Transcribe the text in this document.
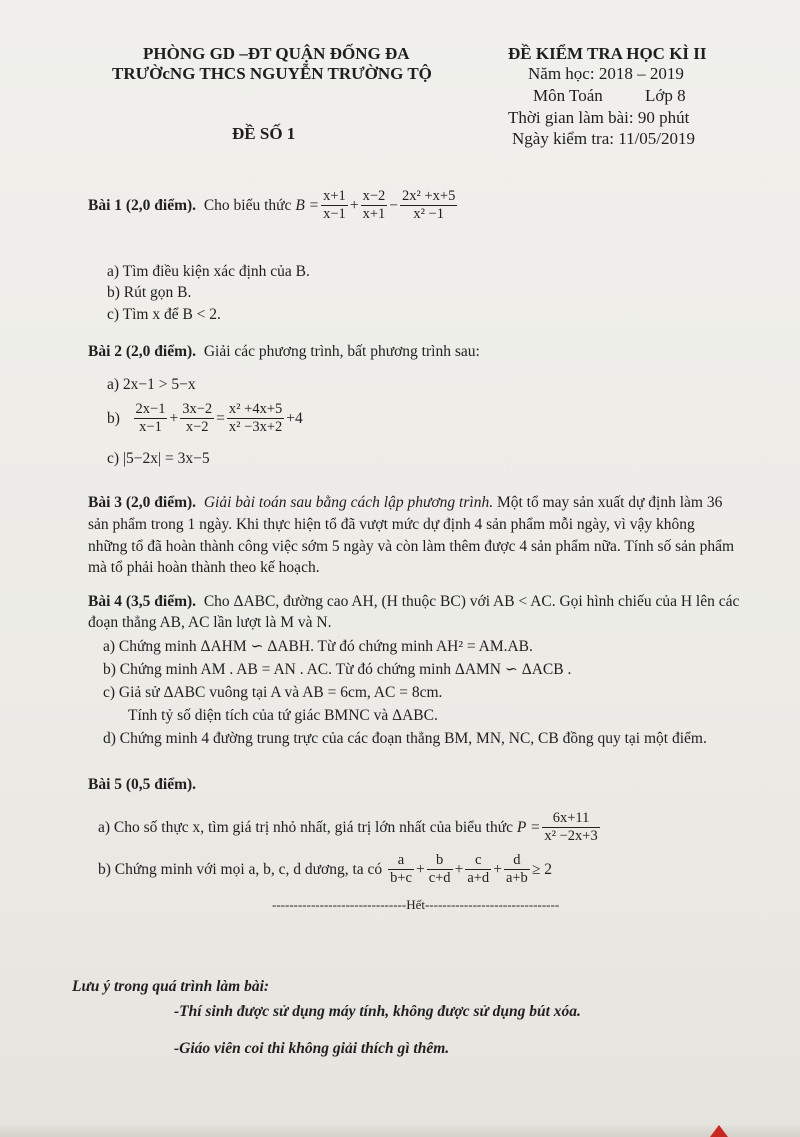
PHÒNG GD –ĐT QUẬN ĐỐNG ĐA
TRƯỜcNG THCS NGUYỄN TRƯỜNG TỘ
ĐỀ SỐ 1
ĐỀ KIỂM TRA HỌC KÌ II
Năm học: 2018 – 2019
Môn Toán Lớp 8
Thời gian làm bài: 90 phút
Ngày kiểm tra: 11/05/2019
Bài 1 (2,0 điểm).
Cho biểu thức
$B = \frac{x+1}{x-1} + \frac{x-2}{x+1} - \frac{\text{2x² +x+5}}{\text{x² −1}}$
a) Tìm điều kiện xác định của B.
b) Rút gọn B.
c) Tìm x để B < 2.
Bài 2 (2,0 điểm). Giải các phương trình, bất phương trình sau:
a) 2x−1 > 5−x
b)
$\frac{2x-1}{x-1} + \frac{3x-2}{x-2} = \frac{\text{x² +4x+5}}{\text{x² −3x+2}} +4$
c) |5−2x| = 3x−5
Bài 3 (2,0 điểm). Giải bài toán sau bằng cách lập phương trình. Một tổ may sản xuất dự định làm 36
sản phẩm trong 1 ngày. Khi thực hiện tổ đã vượt mức dự định 4 sản phẩm mỗi ngày, vì vậy không
những tổ đã hoàn thành công việc sớm 5 ngày và còn làm thêm được 4 sản phẩm nữa. Tính số sản phẩm
mà tổ phải hoàn thành theo kế hoạch.
Bài 4 (3,5 điểm). Cho ΔABC, đường cao AH, (H thuộc BC) với AB < AC. Gọi hình chiếu của H lên các
đoạn thẳng AB, AC lần lượt là M và N.
a) Chứng minh ΔAHM ∽ ΔABH. Từ đó chứng minh AH² = AM.AB.
b) Chứng minh AM . AB = AN . AC. Từ đó chứng minh ΔAMN ∽ ΔACB .
c) Giả sử ΔABC vuông tại A và AB = 6cm, AC = 8cm.
Tính tỷ số diện tích của tứ giác BMNC và ΔABC.
d) Chứng minh 4 đường trung trực của các đoạn thẳng BM, MN, NC, CB đồng quy tại một điểm.
Bài 5 (0,5 điểm).
a) Cho số thực x, tìm giá trị nhỏ nhất, giá trị lớn nhất của biểu thức
$P = \frac{6x+11}{\text{x² −2x+3}}$
b) Chứng minh với mọi a, b, c, d dương, ta có
$\frac{a}{b+c} + \frac{b}{c+d} + \frac{c}{a+d} + \frac{d}{a+b} \ge 2$
-------------------------------Hết-------------------------------
Lưu ý trong quá trình làm bài:
-Thí sinh được sử dụng máy tính, không được sử dụng bút xóa.
-Giáo viên coi thi không giải thích gì thêm.
